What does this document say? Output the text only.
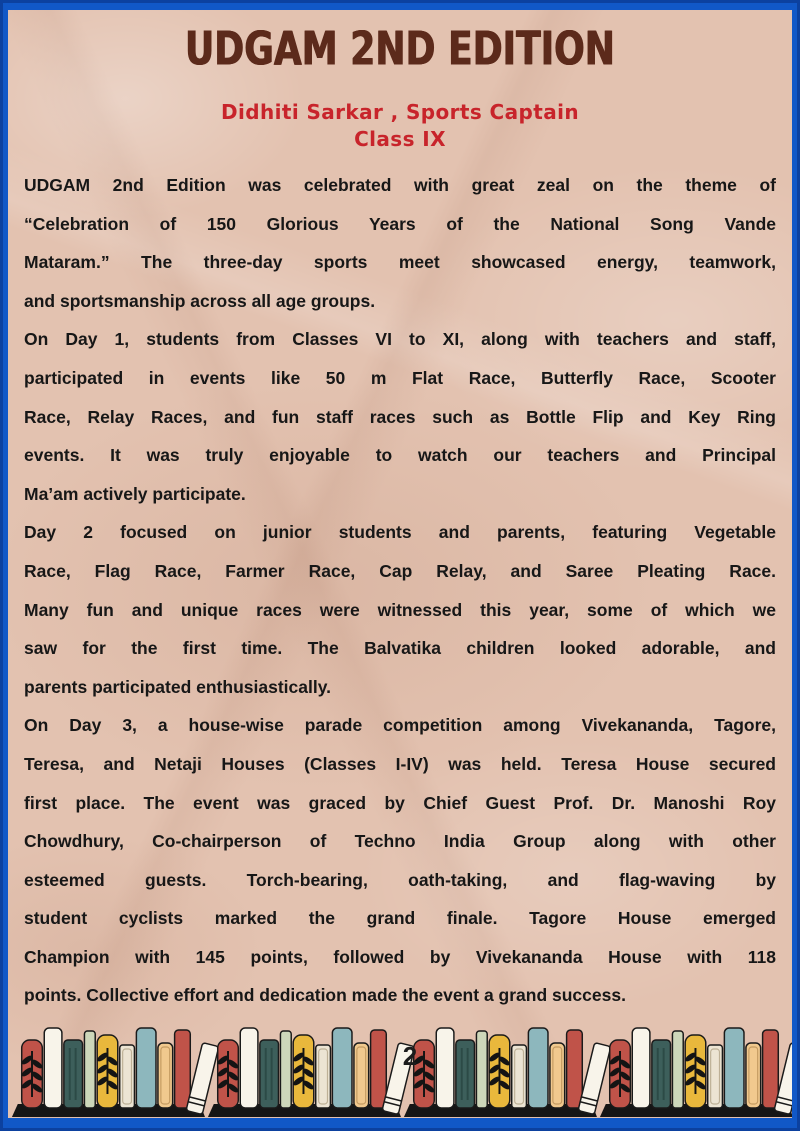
UDGAM 2ND EDITION
Didhiti Sarkar , Sports Captain
Class IX
UDGAM 2nd Edition was celebrated with great zeal on the theme of
“Celebration of 150 Glorious Years of the National Song Vande
Mataram.” The three-day sports meet showcased energy, teamwork,
and sportsmanship across all age groups.
On Day 1, students from Classes VI to XI, along with teachers and staff,
participated in events like 50 m Flat Race, Butterfly Race, Scooter
Race, Relay Races, and fun staff races such as Bottle Flip and Key Ring
events. It was truly enjoyable to watch our teachers and Principal
Ma’am actively participate.
Day 2 focused on junior students and parents, featuring Vegetable
Race, Flag Race, Farmer Race, Cap Relay, and Saree Pleating Race.
Many fun and unique races were witnessed this year, some of which we
saw for the first time. The Balvatika children looked adorable, and
parents participated enthusiastically.
On Day 3, a house-wise parade competition among Vivekananda, Tagore,
Teresa, and Netaji Houses (Classes I-IV) was held. Teresa House secured
first place. The event was graced by Chief Guest Prof. Dr. Manoshi Roy
Chowdhury, Co-chairperson of Techno India Group along with other
esteemed guests. Torch-bearing, oath-taking, and flag-waving by
student cyclists marked the grand finale. Tagore House emerged
Champion with 145 points, followed by Vivekananda House with 118
points. Collective effort and dedication made the event a grand success.
2
